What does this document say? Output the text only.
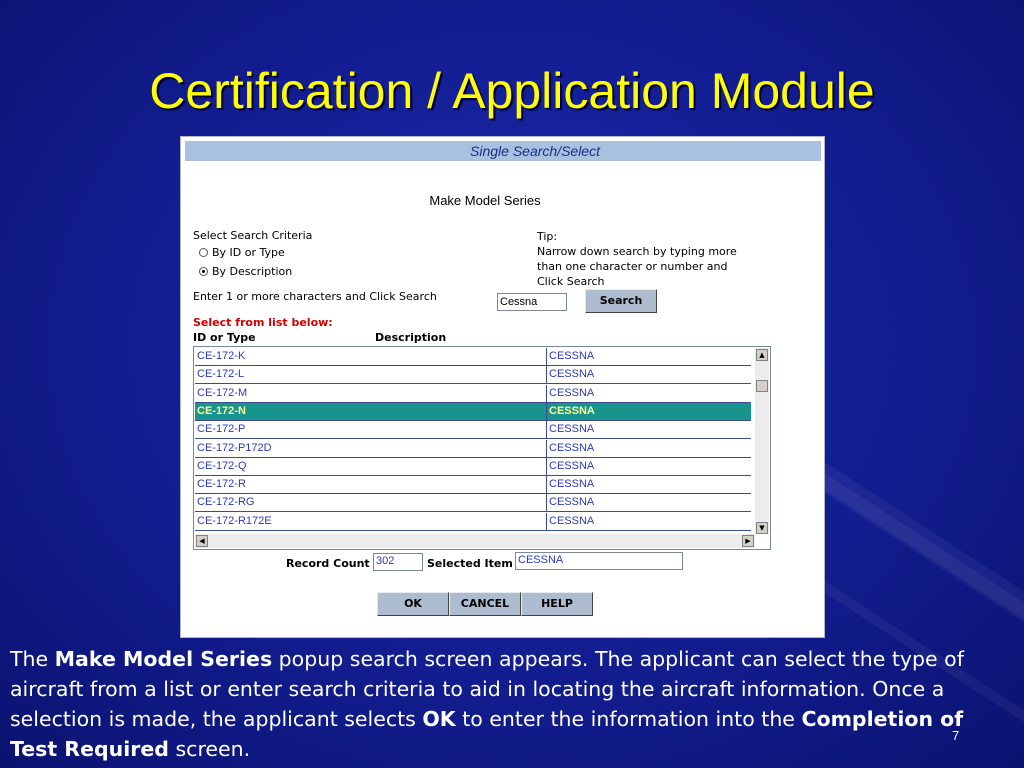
Certification / Application Module
Single Search/Select
Make Model Series
Select Search Criteria
By ID or Type
By Description
Tip:
Narrow down search by typing more
than one character or number and
Click Search
Enter 1 or more characters and Click Search
Cessna	Search
Select from list below:
ID or Type	Description
CE-172-K	CESSNA
CE-172-L	CESSNA
CE-172-M	CESSNA
CE-172-N	CESSNA
CE-172-P	CESSNA
CE-172-P172D	CESSNA
CE-172-Q	CESSNA
CE-172-R	CESSNA
CE-172-RG	CESSNA
CE-172-R172E	CESSNA
▲
▼
◀	▶
Record Count 302	Selected Item CESSNA
OK	CANCEL	HELP
The Make Model Series popup search screen appears. The applicant can select the type of aircraft from a list or enter search criteria to aid in locating the aircraft information. Once a selection is made, the applicant selects OK to enter the information into the Completion of Test Required screen.
7
